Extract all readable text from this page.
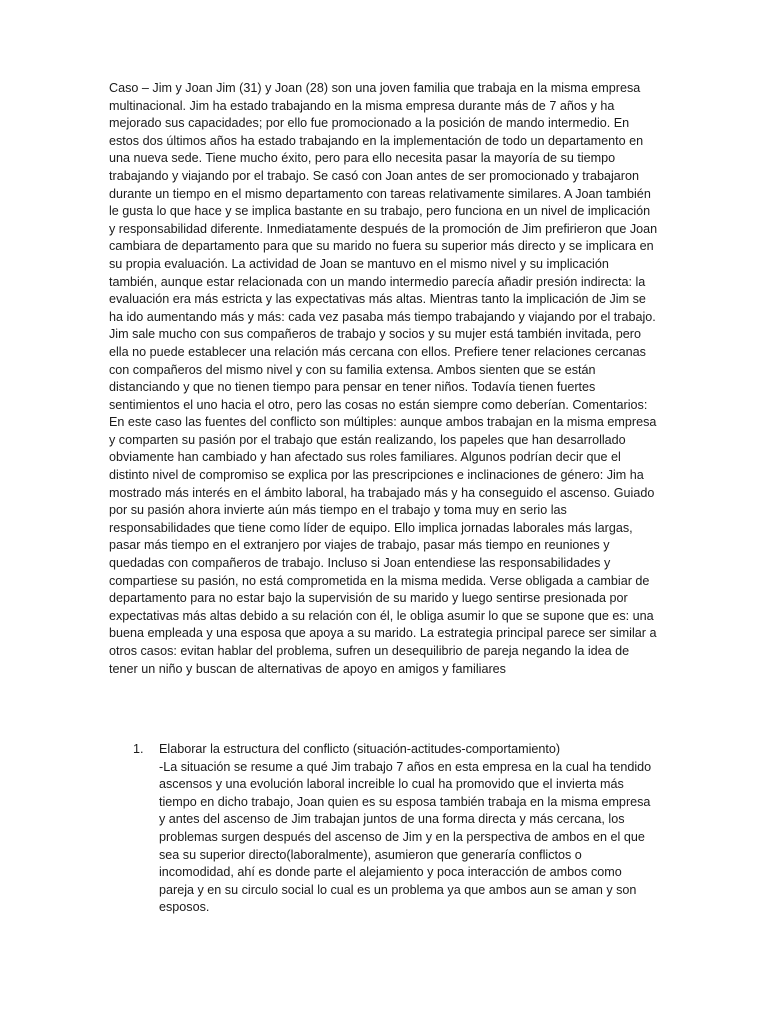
Caso – Jim y Joan Jim (31) y Joan (28) son una joven familia que trabaja en la misma empresa multinacional. Jim ha estado trabajando en la misma empresa durante más de 7 años y ha mejorado sus capacidades; por ello fue promocionado a la posición de mando intermedio. En estos dos últimos años ha estado trabajando en la implementación de todo un departamento en una nueva sede. Tiene mucho éxito, pero para ello necesita pasar la mayoría de su tiempo trabajando y viajando por el trabajo. Se casó con Joan antes de ser promocionado y trabajaron durante un tiempo en el mismo departamento con tareas relativamente similares. A Joan también le gusta lo que hace y se implica bastante en su trabajo, pero funciona en un nivel de implicación y responsabilidad diferente. Inmediatamente después de la promoción de Jim prefirieron que Joan cambiara de departamento para que su marido no fuera su superior más directo y se implicara en su propia evaluación. La actividad de Joan se mantuvo en el mismo nivel y su implicación también, aunque estar relacionada con un mando intermedio parecía añadir presión indirecta: la evaluación era más estricta y las expectativas más altas. Mientras tanto la implicación de Jim se ha ido aumentando más y más: cada vez pasaba más tiempo trabajando y viajando por el trabajo. Jim sale mucho con sus compañeros de trabajo y socios y su mujer está también invitada, pero ella no puede establecer una relación más cercana con ellos. Prefiere tener relaciones cercanas con compañeros del mismo nivel y con su familia extensa. Ambos sienten que se están distanciando y que no tienen tiempo para pensar en tener niños. Todavía tienen fuertes sentimientos el uno hacia el otro, pero las cosas no están siempre como deberían. Comentarios: En este caso las fuentes del conflicto son múltiples: aunque ambos trabajan en la misma empresa y comparten su pasión por el trabajo que están realizando, los papeles que han desarrollado obviamente han cambiado y han afectado sus roles familiares. Algunos podrían decir que el distinto nivel de compromiso se explica por las prescripciones e inclinaciones de género: Jim ha mostrado más interés en el ámbito laboral, ha trabajado más y ha conseguido el ascenso. Guiado por su pasión ahora invierte aún más tiempo en el trabajo y toma muy en serio las responsabilidades que tiene como líder de equipo. Ello implica jornadas laborales más largas, pasar más tiempo en el extranjero por viajes de trabajo, pasar más tiempo en reuniones y quedadas con compañeros de trabajo. Incluso si Joan entendiese las responsabilidades y compartiese su pasión, no está comprometida en la misma medida. Verse obligada a cambiar de departamento para no estar bajo la supervisión de su marido y luego sentirse presionada por expectativas más altas debido a su relación con él, le obliga asumir lo que se supone que es: una buena empleada y una esposa que apoya a su marido. La estrategia principal parece ser similar a otros casos: evitan hablar del problema, sufren un desequilibrio de pareja negando la idea de tener un niño y buscan de alternativas de apoyo en amigos y familiares

1. Elaborar la estructura del conflicto (situación-actitudes-comportamiento)
-La situación se resume a qué Jim trabajo 7 años en esta empresa en la cual ha tendido ascensos y una evolución laboral increible lo cual ha promovido que el invierta más tiempo en dicho trabajo, Joan quien es su esposa también trabaja en la misma empresa y antes del ascenso de Jim trabajan juntos de una forma directa y más cercana, los problemas surgen después del ascenso de Jim y en la perspectiva de ambos en el que sea su superior directo(laboralmente), asumieron que generaría conflictos o incomodidad, ahí es donde parte el alejamiento y poca interacción de ambos como pareja y en su circulo social lo cual es un problema ya que ambos aun se aman y son esposos.
